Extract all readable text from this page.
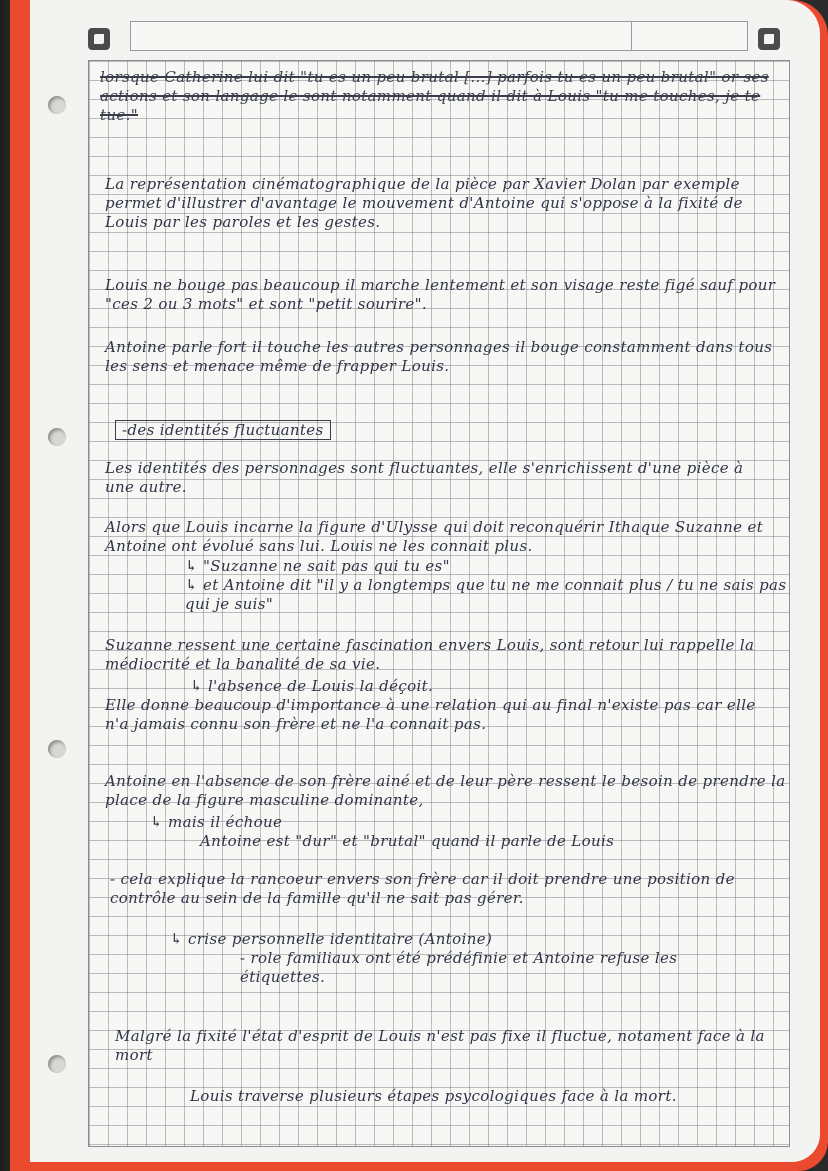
lorsque Catherine lui dit "tu es un peu brutal [...] parfois tu es un peu brutal" or ses actions et son langage le sont notamment quand il dit à Louis "tu me touches, je te tue."

La représentation cinématographique de la pièce par Xavier Dolan par exemple permet d'illustrer d'avantage le mouvement d'Antoine qui s'oppose à la fixité de Louis par les paroles et les gestes.

Louis ne bouge pas beaucoup il marche lentement et son visage reste figé sauf pour "ces 2 ou 3 mots" et sont "petit sourire".

Antoine parle fort il touche les autres personnages il bouge constamment dans tous les sens et menace même de frapper Louis.

-des identités fluctuantes

Les identités des personnages sont fluctuantes, elle s'enrichissent d'une pièce à une autre.

Alors que Louis incarne la figure d'Ulysse qui doit reconquérir Ithaque Suzanne et Antoine ont évolué sans lui. Louis ne les connait plus.

↳ "Suzanne ne sait pas qui tu es"

↳ et Antoine dit "il y a longtemps que tu ne me connait plus / tu ne sais pas qui je suis"

Suzanne ressent une certaine fascination envers Louis, sont retour lui rappelle la médiocrité et la banalité de sa vie.

↳ l'absence de Louis la déçoit.

Elle donne beaucoup d'importance à une relation qui au final n'existe pas car elle n'a jamais connu son frère et ne l'a connait pas.

Antoine en l'absence de son frère ainé et de leur père ressent le besoin de prendre la place de la figure masculine dominante,

↳ mais il échoue

Antoine est "dur" et "brutal" quand il parle de Louis

- cela explique la rancoeur envers son frère car il doit prendre une position de contrôle au sein de la famille qu'il ne sait pas gérer.

↳ crise personnelle identitaire (Antoine)

- role familiaux ont été prédéfinie et Antoine refuse les étiquettes.

Malgré la fixité l'état d'esprit de Louis n'est pas fixe il fluctue, notament face à la mort

Louis traverse plusieurs étapes psycologiques face à la mort.
